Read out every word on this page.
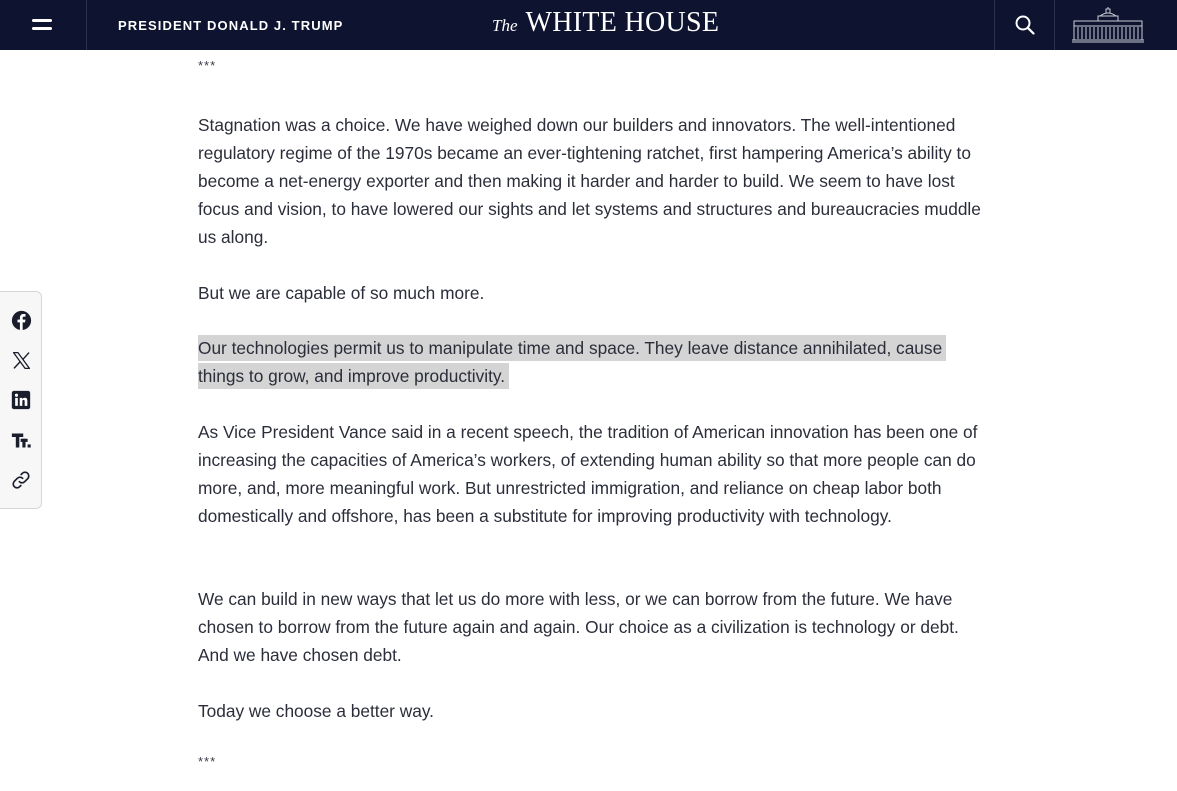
PRESIDENT DONALD J. TRUMP	The WHITE HOUSE
***

Stagnation was a choice. We have weighed down our builders and innovators. The well-intentioned regulatory regime of the 1970s became an ever-tightening ratchet, first hampering America’s ability to become a net-energy exporter and then making it harder and harder to build. We seem to have lost focus and vision, to have lowered our sights and let systems and structures and bureaucracies muddle us along.

But we are capable of so much more.

Our technologies permit us to manipulate time and space. They leave distance annihilated, cause things to grow, and improve productivity.

As Vice President Vance said in a recent speech, the tradition of American innovation has been one of increasing the capacities of America’s workers, of extending human ability so that more people can do more, and, more meaningful work. But unrestricted immigration, and reliance on cheap labor both domestically and offshore, has been a substitute for improving productivity with technology.

We can build in new ways that let us do more with less, or we can borrow from the future. We have chosen to borrow from the future again and again. Our choice as a civilization is technology or debt. And we have chosen debt.

Today we choose a better way.

***
